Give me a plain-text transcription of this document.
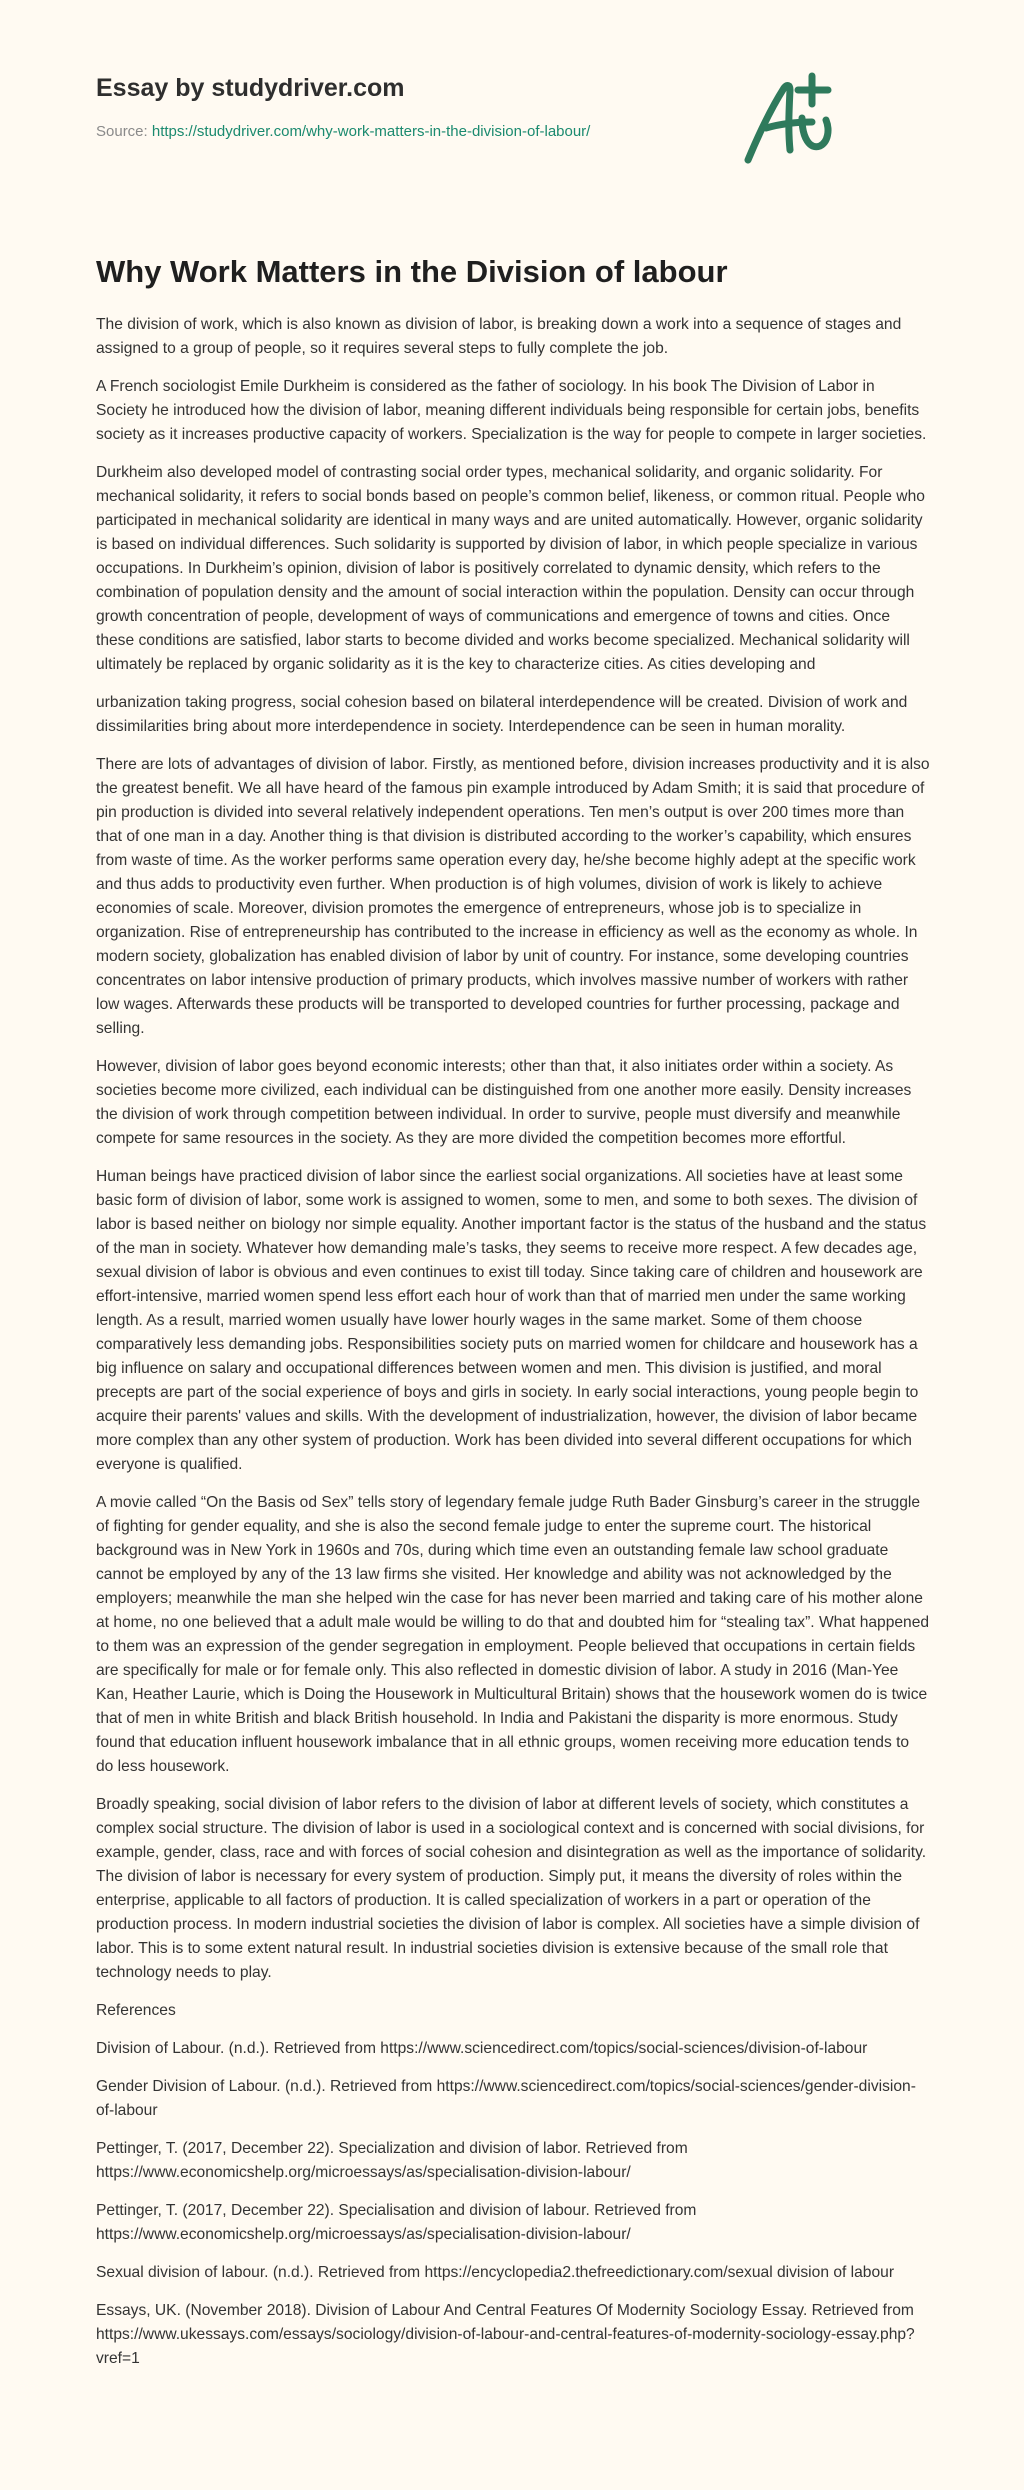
Essay by studydriver.com
Source: https://studydriver.com/why-work-matters-in-the-division-of-labour/
Why Work Matters in the Division of labour

The division of work, which is also known as division of labor, is breaking down a work into a sequence of stages and assigned to a group of people, so it requires several steps to fully complete the job.

A French sociologist Emile Durkheim is considered as the father of sociology. In his book The Division of Labor in Society he introduced how the division of labor, meaning different individuals being responsible for certain jobs, benefits society as it increases productive capacity of workers. Specialization is the way for people to compete in larger societies.

Durkheim also developed model of contrasting social order types, mechanical solidarity, and organic solidarity. For mechanical solidarity, it refers to social bonds based on people’s common belief, likeness, or common ritual. People who participated in mechanical solidarity are identical in many ways and are united automatically. However, organic solidarity is based on individual differences. Such solidarity is supported by division of labor, in which people specialize in various occupations. In Durkheim’s opinion, division of labor is positively correlated to dynamic density, which refers to the combination of population density and the amount of social interaction within the population. Density can occur through growth concentration of people, development of ways of communications and emergence of towns and cities. Once these conditions are satisfied, labor starts to become divided and works become specialized. Mechanical solidarity will ultimately be replaced by organic solidarity as it is the key to characterize cities. As cities developing and

urbanization taking progress, social cohesion based on bilateral interdependence will be created. Division of work and dissimilarities bring about more interdependence in society. Interdependence can be seen in human morality.

There are lots of advantages of division of labor. Firstly, as mentioned before, division increases productivity and it is also the greatest benefit. We all have heard of the famous pin example introduced by Adam Smith; it is said that procedure of pin production is divided into several relatively independent operations. Ten men’s output is over 200 times more than that of one man in a day. Another thing is that division is distributed according to the worker’s capability, which ensures from waste of time. As the worker performs same operation every day, he/she become highly adept at the specific work and thus adds to productivity even further. When production is of high volumes, division of work is likely to achieve economies of scale. Moreover, division promotes the emergence of entrepreneurs, whose job is to specialize in organization. Rise of entrepreneurship has contributed to the increase in efficiency as well as the economy as whole. In modern society, globalization has enabled division of labor by unit of country. For instance, some developing countries concentrates on labor intensive production of primary products, which involves massive number of workers with rather low wages. Afterwards these products will be transported to developed countries for further processing, package and selling.

However, division of labor goes beyond economic interests; other than that, it also initiates order within a society. As societies become more civilized, each individual can be distinguished from one another more easily. Density increases the division of work through competition between individual. In order to survive, people must diversify and meanwhile compete for same resources in the society. As they are more divided the competition becomes more effortful.

Human beings have practiced division of labor since the earliest social organizations. All societies have at least some basic form of division of labor, some work is assigned to women, some to men, and some to both sexes. The division of labor is based neither on biology nor simple equality. Another important factor is the status of the husband and the status of the man in society. Whatever how demanding male’s tasks, they seems to receive more respect. A few decades age, sexual division of labor is obvious and even continues to exist till today. Since taking care of children and housework are effort-intensive, married women spend less effort each hour of work than that of married men under the same working length. As a result, married women usually have lower hourly wages in the same market. Some of them choose comparatively less demanding jobs. Responsibilities society puts on married women for childcare and housework has a big influence on salary and occupational differences between women and men. This division is justified, and moral precepts are part of the social experience of boys and girls in society. In early social interactions, young people begin to acquire their parents' values and skills. With the development of industrialization, however, the division of labor became more complex than any other system of production. Work has been divided into several different occupations for which everyone is qualified.

A movie called “On the Basis od Sex” tells story of legendary female judge Ruth Bader Ginsburg’s career in the struggle of fighting for gender equality, and she is also the second female judge to enter the supreme court. The historical background was in New York in 1960s and 70s, during which time even an outstanding female law school graduate cannot be employed by any of the 13 law firms she visited. Her knowledge and ability was not acknowledged by the employers; meanwhile the man she helped win the case for has never been married and taking care of his mother alone at home, no one believed that a adult male would be willing to do that and doubted him for “stealing tax”. What happened to them was an expression of the gender segregation in employment. People believed that occupations in certain fields are specifically for male or for female only. This also reflected in domestic division of labor. A study in 2016 (Man-Yee Kan, Heather Laurie, which is Doing the Housework in Multicultural Britain) shows that the housework women do is twice that of men in white British and black British household. In India and Pakistani the disparity is more enormous. Study found that education influent housework imbalance that in all ethnic groups, women receiving more education tends to do less housework.

Broadly speaking, social division of labor refers to the division of labor at different levels of society, which constitutes a complex social structure. The division of labor is used in a sociological context and is concerned with social divisions, for example, gender, class, race and with forces of social cohesion and disintegration as well as the importance of solidarity. The division of labor is necessary for every system of production. Simply put, it means the diversity of roles within the enterprise, applicable to all factors of production. It is called specialization of workers in a part or operation of the production process. In modern industrial societies the division of labor is complex. All societies have a simple division of labor. This is to some extent natural result. In industrial societies division is extensive because of the small role that technology needs to play.

References

Division of Labour. (n.d.). Retrieved from https://www.sciencedirect.com/topics/social-sciences/division-of-labour

Gender Division of Labour. (n.d.). Retrieved from https://www.sciencedirect.com/topics/social-sciences/gender-division-of-labour

Pettinger, T. (2017, December 22). Specialization and division of labor. Retrieved from https://www.economicshelp.org/microessays/as/specialisation-division-labour/

Pettinger, T. (2017, December 22). Specialisation and division of labour. Retrieved from https://www.economicshelp.org/microessays/as/specialisation-division-labour/

Sexual division of labour. (n.d.). Retrieved from https://encyclopedia2.thefreedictionary.com/sexual division of labour

Essays, UK. (November 2018). Division of Labour And Central Features Of Modernity Sociology Essay. Retrieved from https://www.ukessays.com/essays/sociology/division-of-labour-and-central-features-of-modernity-sociology-essay.php?vref=1
